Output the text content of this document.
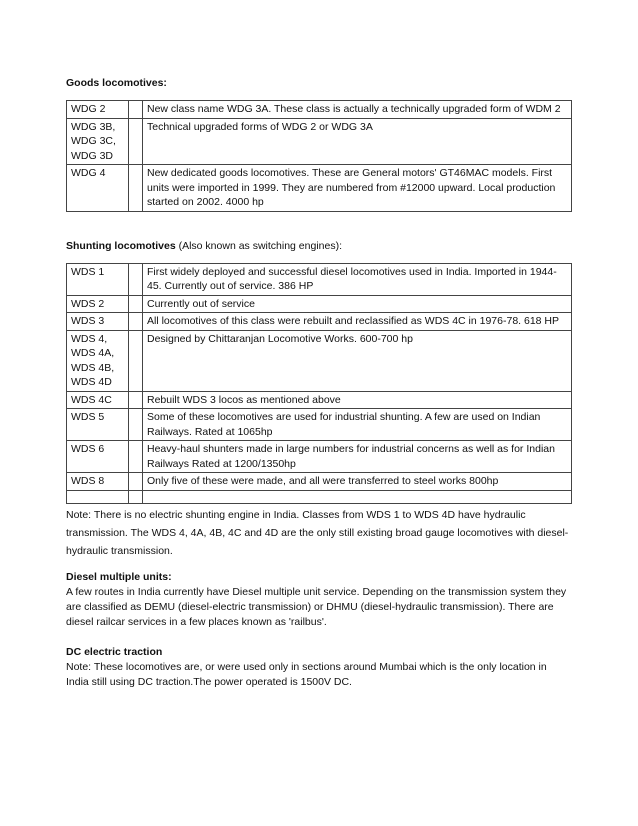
Goods locomotives:

WDG 2		New class name WDG 3A. These class is actually a technically upgraded form of WDM 2
WDG 3B, WDG 3C, WDG 3D		Technical upgraded forms of WDG 2 or WDG 3A
WDG 4		New dedicated goods locomotives. These are General motors' GT46MAC models. First units were imported in 1999. They are numbered from #12000 upward. Local production started on 2002. 4000 hp

Shunting locomotives (Also known as switching engines):

WDS 1		First widely deployed and successful diesel locomotives used in India. Imported in 1944-45. Currently out of service. 386 HP
WDS 2		Currently out of service
WDS 3		All locomotives of this class were rebuilt and reclassified as WDS 4C in 1976-78. 618 HP
WDS 4, WDS 4A, WDS 4B, WDS 4D		Designed by Chittaranjan Locomotive Works. 600-700 hp
WDS 4C		Rebuilt WDS 3 locos as mentioned above
WDS 5		Some of these locomotives are used for industrial shunting. A few are used on Indian Railways. Rated at 1065hp
WDS 6		Heavy-haul shunters made in large numbers for industrial concerns as well as for Indian Railways Rated at 1200/1350hp
WDS 8		Only five of these were made, and all were transferred to steel works 800hp

Note: There is no electric shunting engine in India. Classes from WDS 1 to WDS 4D have hydraulic transmission. The WDS 4, 4A, 4B, 4C and 4D are the only still existing broad gauge locomotives with diesel-hydraulic transmission.

Diesel multiple units:

A few routes in India currently have Diesel multiple unit service. Depending on the transmission system they are classified as DEMU (diesel-electric transmission) or DHMU (diesel-hydraulic transmission). There are diesel railcar services in a few places known as 'railbus'.

DC electric traction

Note: These locomotives are, or were used only in sections around Mumbai which is the only location in India still using DC traction.The power operated is 1500V DC.
